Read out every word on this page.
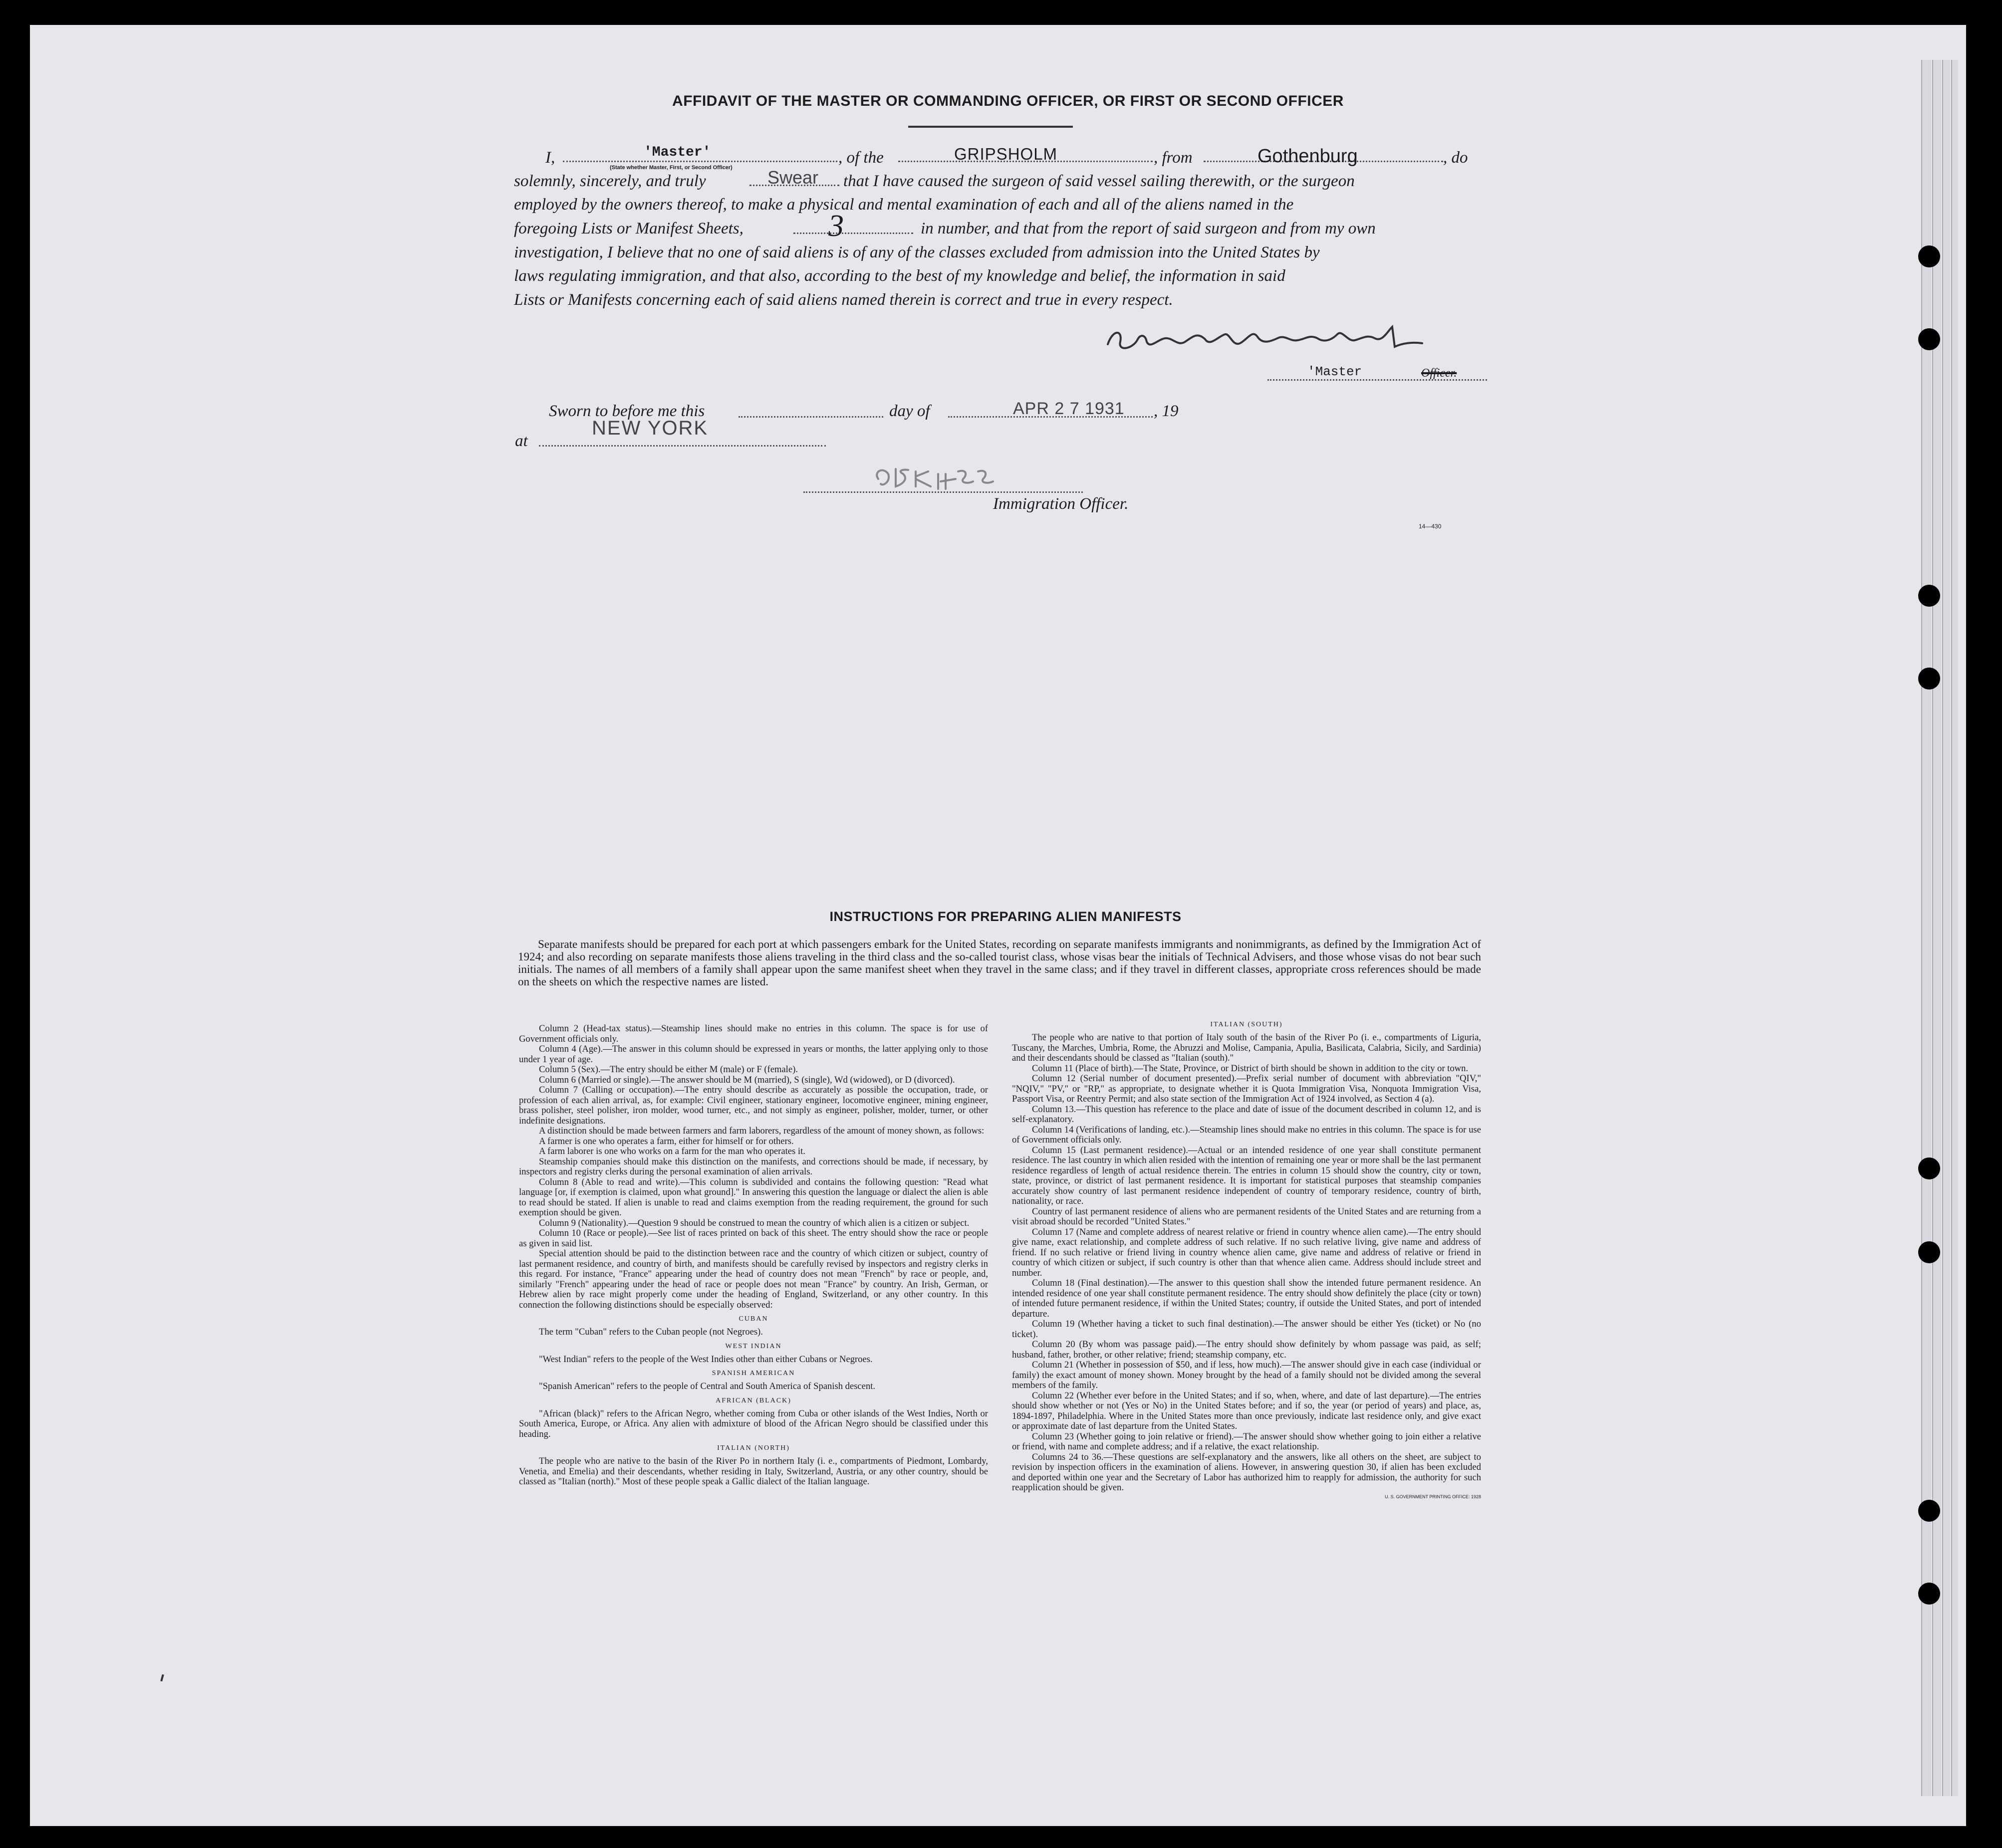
AFFIDAVIT OF THE MASTER OR COMMANDING OFFICER, OR FIRST OR SECOND OFFICER
I,	'Master'
(State whether Master, First, or Second Officer)
, of the	GRIPSHOLM	, from	Gothenburg	, do
solemnly, sincerely, and truly	Swear that I have caused the surgeon of said vessel sailing therewith, or the surgeon
employed by the owners thereof, to make a physical and mental examination of each and all of the aliens named in the
foregoing Lists or Manifest Sheets,	3	in number, and that from the report of said surgeon and from my own
investigation, I believe that no one of said aliens is of any of the classes excluded from admission into the United States by
laws regulating immigration, and that also, according to the best of my knowledge and belief, the information in said
Lists or Manifests concerning each of said aliens named therein is correct and true in every respect.
'Master	Officer.
Sworn to before me this	day of	APR 2 7 1931 , 19
at
NEW YORK
Immigration Officer.
14—430
INSTRUCTIONS FOR PREPARING ALIEN MANIFESTS
Separate manifests should be prepared for each port at which passengers embark for the United States, recording on separate manifests immigrants and nonimmigrants, as defined by the Immigration Act of 1924; and also recording on separate manifests those aliens traveling in the third class and the so-called tourist class, whose visas bear the initials of Technical Advisers, and those whose visas do not bear such initials. The names of all members of a family shall appear upon the same manifest sheet when they travel in the same class; and if they travel in different classes, appropriate cross references should be made on the sheets on which the respective names are listed.

Column 2 (Head-tax status).—Steamship lines should make no entries in this column. The space is for use of Government officials only.

Column 4 (Age).—The answer in this column should be expressed in years or months, the latter applying only to those under 1 year of age.

Column 5 (Sex).—The entry should be either M (male) or F (female).

Column 6 (Married or single).—The answer should be M (married), S (single), Wd (widowed), or D (divorced).

Column 7 (Calling or occupation).—The entry should describe as accurately as possible the occupation, trade, or profession of each alien arrival, as, for example: Civil engineer, stationary engineer, locomotive engineer, mining engineer, brass polisher, steel polisher, iron molder, wood turner, etc., and not simply as engineer, polisher, molder, turner, or other indefinite designations.

A distinction should be made between farmers and farm laborers, regardless of the amount of money shown, as follows:

A farmer is one who operates a farm, either for himself or for others.

A farm laborer is one who works on a farm for the man who operates it.

Steamship companies should make this distinction on the manifests, and corrections should be made, if necessary, by inspectors and registry clerks during the personal examination of alien arrivals.

Column 8 (Able to read and write).—This column is subdivided and contains the following question: "Read what language [or, if exemption is claimed, upon what ground]." In answering this question the language or dialect the alien is able to read should be stated. If alien is unable to read and claims exemption from the reading requirement, the ground for such exemption should be given.

Column 9 (Nationality).—Question 9 should be construed to mean the country of which alien is a citizen or subject.

Column 10 (Race or people).—See list of races printed on back of this sheet. The entry should show the race or people as given in said list.

Special attention should be paid to the distinction between race and the country of which citizen or subject, country of last permanent residence, and country of birth, and manifests should be carefully revised by inspectors and registry clerks in this regard. For instance, "France" appearing under the head of country does not mean "French" by race or people, and, similarly "French" appearing under the head of race or people does not mean "France" by country. An Irish, German, or Hebrew alien by race might properly come under the heading of England, Switzerland, or any other country. In this connection the following distinctions should be especially observed:

CUBAN

The term "Cuban" refers to the Cuban people (not Negroes).

WEST INDIAN

"West Indian" refers to the people of the West Indies other than either Cubans or Negroes.

SPANISH AMERICAN

"Spanish American" refers to the people of Central and South America of Spanish descent.

AFRICAN (BLACK)

"African (black)" refers to the African Negro, whether coming from Cuba or other islands of the West Indies, North or South America, Europe, or Africa. Any alien with admixture of blood of the African Negro should be classified under this heading.

ITALIAN (NORTH)

The people who are native to the basin of the River Po in northern Italy (i. e., compartments of Piedmont, Lombardy, Venetia, and Emelia) and their descendants, whether residing in Italy, Switzerland, Austria, or any other country, should be classed as "Italian (north)." Most of these people speak a Gallic dialect of the Italian language.

ITALIAN (SOUTH)

The people who are native to that portion of Italy south of the basin of the River Po (i. e., compartments of Liguria, Tuscany, the Marches, Umbria, Rome, the Abruzzi and Molise, Campania, Apulia, Basilicata, Calabria, Sicily, and Sardinia) and their descendants should be classed as "Italian (south)."

Column 11 (Place of birth).—The State, Province, or District of birth should be shown in addition to the city or town.

Column 12 (Serial number of document presented).—Prefix serial number of document with abbreviation "QIV," "NQIV," "PV," or "RP," as appropriate, to designate whether it is Quota Immigration Visa, Nonquota Immigration Visa, Passport Visa, or Reentry Permit; and also state section of the Immigration Act of 1924 involved, as Section 4 (a).

Column 13.—This question has reference to the place and date of issue of the document described in column 12, and is self-explanatory.

Column 14 (Verifications of landing, etc.).—Steamship lines should make no entries in this column. The space is for use of Government officials only.

Column 15 (Last permanent residence).—Actual or an intended residence of one year shall constitute permanent residence. The last country in which alien resided with the intention of remaining one year or more shall be the last permanent residence regardless of length of actual residence therein. The entries in column 15 should show the country, city or town, state, province, or district of last permanent residence. It is important for statistical purposes that steamship companies accurately show country of last permanent residence independent of country of temporary residence, country of birth, nationality, or race.

Country of last permanent residence of aliens who are permanent residents of the United States and are returning from a visit abroad should be recorded "United States."

Column 17 (Name and complete address of nearest relative or friend in country whence alien came).—The entry should give name, exact relationship, and complete address of such relative. If no such relative living, give name and address of friend. If no such relative or friend living in country whence alien came, give name and address of relative or friend in country of which citizen or subject, if such country is other than that whence alien came. Address should include street and number.

Column 18 (Final destination).—The answer to this question shall show the intended future permanent residence. An intended residence of one year shall constitute permanent residence. The entry should show definitely the place (city or town) of intended future permanent residence, if within the United States; country, if outside the United States, and port of intended departure.

Column 19 (Whether having a ticket to such final destination).—The answer should be either Yes (ticket) or No (no ticket).

Column 20 (By whom was passage paid).—The entry should show definitely by whom passage was paid, as self; husband, father, brother, or other relative; friend; steamship company, etc.

Column 21 (Whether in possession of $50, and if less, how much).—The answer should give in each case (individual or family) the exact amount of money shown. Money brought by the head of a family should not be divided among the several members of the family.

Column 22 (Whether ever before in the United States; and if so, when, where, and date of last departure).—The entries should show whether or not (Yes or No) in the United States before; and if so, the year (or period of years) and place, as, 1894-1897, Philadelphia. Where in the United States more than once previously, indicate last residence only, and give exact or approximate date of last departure from the United States.

Column 23 (Whether going to join relative or friend).—The answer should show whether going to join either a relative or friend, with name and complete address; and if a relative, the exact relationship.

Columns 24 to 36.—These questions are self-explanatory and the answers, like all others on the sheet, are subject to revision by inspection officers in the examination of aliens. However, in answering question 30, if alien has been excluded and deported within one year and the Secretary of Labor has authorized him to reapply for admission, the authority for such reapplication should be given.

U. S. GOVERNMENT PRINTING OFFICE: 1928
